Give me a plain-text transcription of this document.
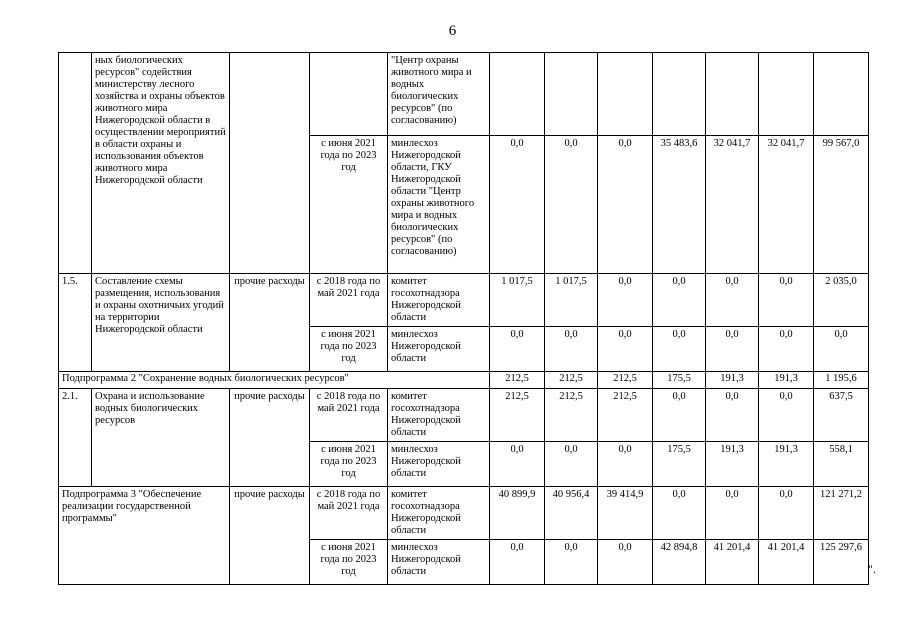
6
	ных биологических ресурсов" содействия министерству лесного хозяйства и охраны объектов животного мира Нижегородской области в осуществлении мероприятий в области охраны и использования объектов животного мира Нижегородской области			"Центр охраны животного мира и водных биологических ресурсов" (по согласованию)							
			с июня 2021 года по 2023 год	минлесхоз Нижегородской области, ГКУ Нижегородской области "Центр охраны животного мира и водных биологических ресурсов" (по согласованию)	0,0	0,0	0,0	35 483,6	32 041,7	32 041,7	99 567,0
1.5.	Составление схемы размещения, использования и охраны охотничьих угодий на территории Нижегородской области	прочие расходы	с 2018 года по май 2021 года	комитет госохотнадзора Нижегородской области	1 017,5	1 017,5	0,0	0,0	0,0	0,0	2 035,0
			с июня 2021 года по 2023 год	минлесхоз Нижегородской области	0,0	0,0	0,0	0,0	0,0	0,0	0,0
Подпрограмма 2 "Сохранение водных биологических ресурсов"					212,5	212,5	212,5	175,5	191,3	191,3	1 195,6
2.1.	Охрана и использование водных биологических ресурсов	прочие расходы	с 2018 года по май 2021 года	комитет госохотнадзора Нижегородской области	212,5	212,5	212,5	0,0	0,0	0,0	637,5
			с июня 2021 года по 2023 год	минлесхоз Нижегородской области	0,0	0,0	0,0	175,5	191,3	191,3	558,1
Подпрограмма 3 "Обеспечение реализации государственной программы"		прочие расходы	с 2018 года по май 2021 года	комитет госохотнадзора Нижегородской области	40 899,9	40 956,4	39 414,9	0,0	0,0	0,0	121 271,2
			с июня 2021 года по 2023 год	минлесхоз Нижегородской области	0,0	0,0	0,0	42 894,8	41 201,4	41 201,4	125 297,6
".
